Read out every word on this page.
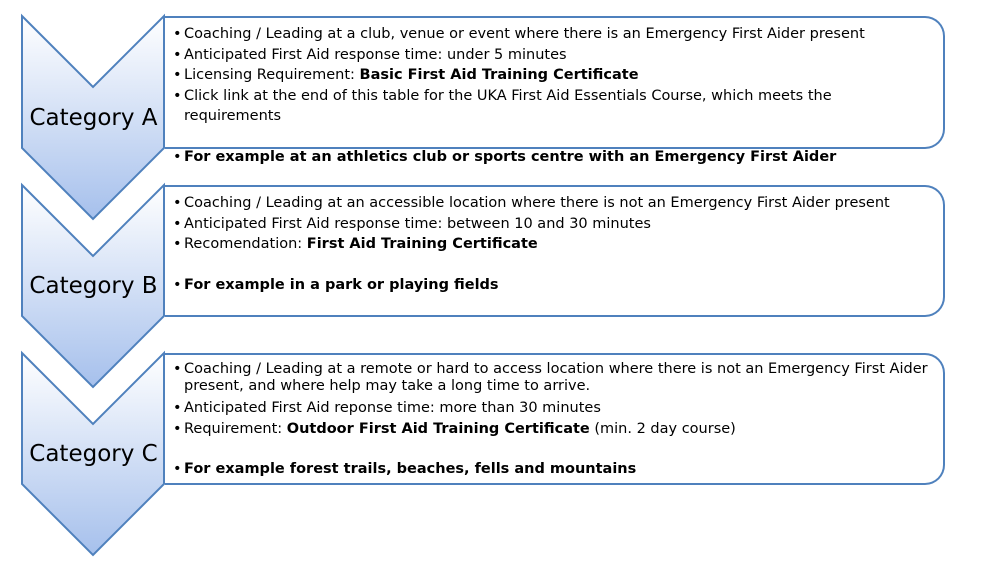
Category A
• Coaching / Leading at a club, venue or event where there is an Emergency First Aider present
• Anticipated First Aid response time: under 5 minutes
• Licensing Requirement: Basic First Aid Training Certificate
• Click link at the end of this table for the UKA First Aid Essentials Course, which meets the requirements
• For example at an athletics club or sports centre with an Emergency First Aider
Category B
• Coaching / Leading at an accessible location where there is not an Emergency First Aider present
• Anticipated First Aid response time: between 10 and 30 minutes
• Recomendation: First Aid Training Certificate
• For example in a park or playing fields
Category C
• Coaching / Leading at a remote or hard to access location where there is not an Emergency First Aider present, and where help may take a long time to arrive.
• Anticipated First Aid reponse time: more than 30 minutes
• Requirement: Outdoor First Aid Training Certificate (min. 2 day course)
• For example forest trails, beaches, fells and mountains
